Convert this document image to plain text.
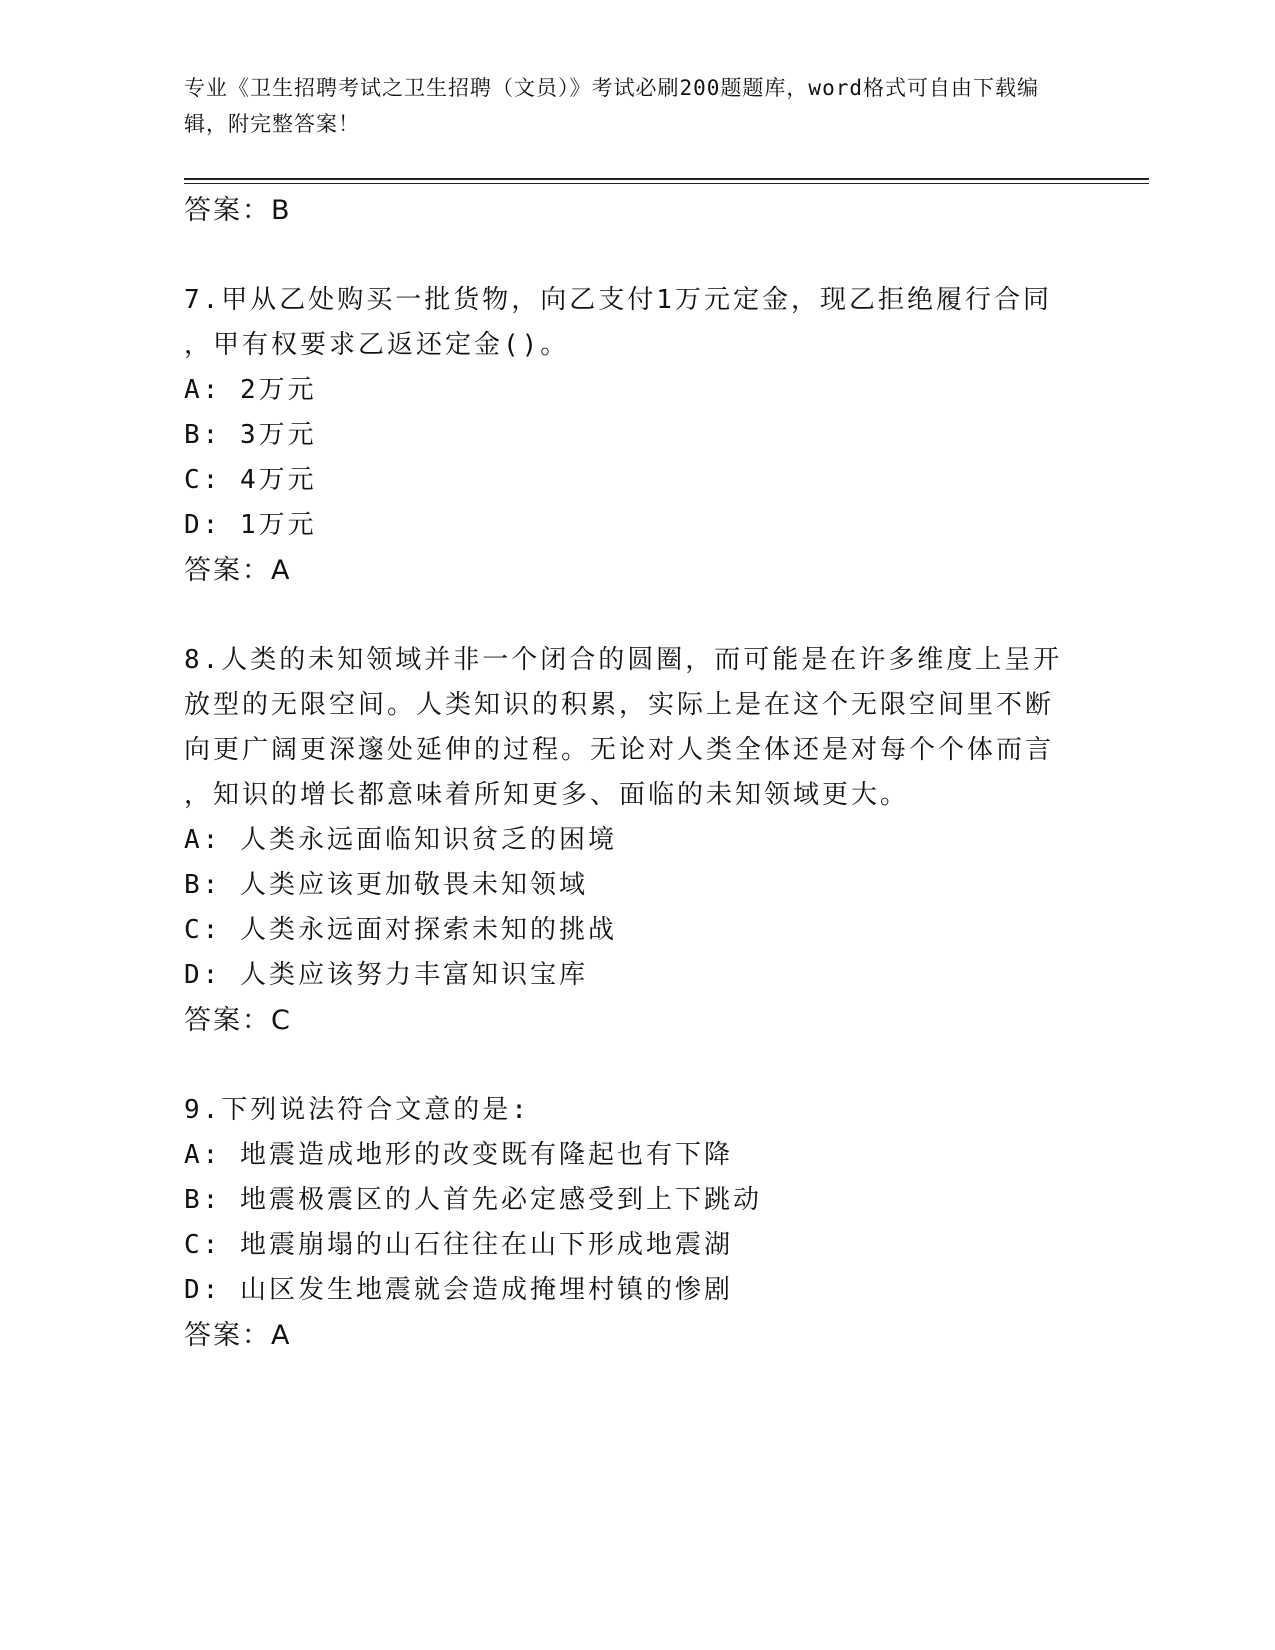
专业《卫生招聘考试之卫生招聘（文员）》考试必刷200题题库，word格式可自由下载编辑，附完整答案！
答案：B
7.甲从乙处购买一批货物，向乙支付1万元定金，现乙拒绝履行合同
，甲有权要求乙返还定金()。
A: 2万元
B: 3万元
C: 4万元
D: 1万元
答案：A
8.人类的未知领域并非一个闭合的圆圈，而可能是在许多维度上呈开
放型的无限空间。人类知识的积累，实际上是在这个无限空间里不断
向更广阔更深邃处延伸的过程。无论对人类全体还是对每个个体而言
，知识的增长都意味着所知更多、面临的未知领域更大。
A: 人类永远面临知识贫乏的困境
B: 人类应该更加敬畏未知领域
C: 人类永远面对探索未知的挑战
D: 人类应该努力丰富知识宝库
答案：C
9.下列说法符合文意的是:
A: 地震造成地形的改变既有隆起也有下降
B: 地震极震区的人首先必定感受到上下跳动
C: 地震崩塌的山石往往在山下形成地震湖
D: 山区发生地震就会造成掩埋村镇的惨剧
答案：A
